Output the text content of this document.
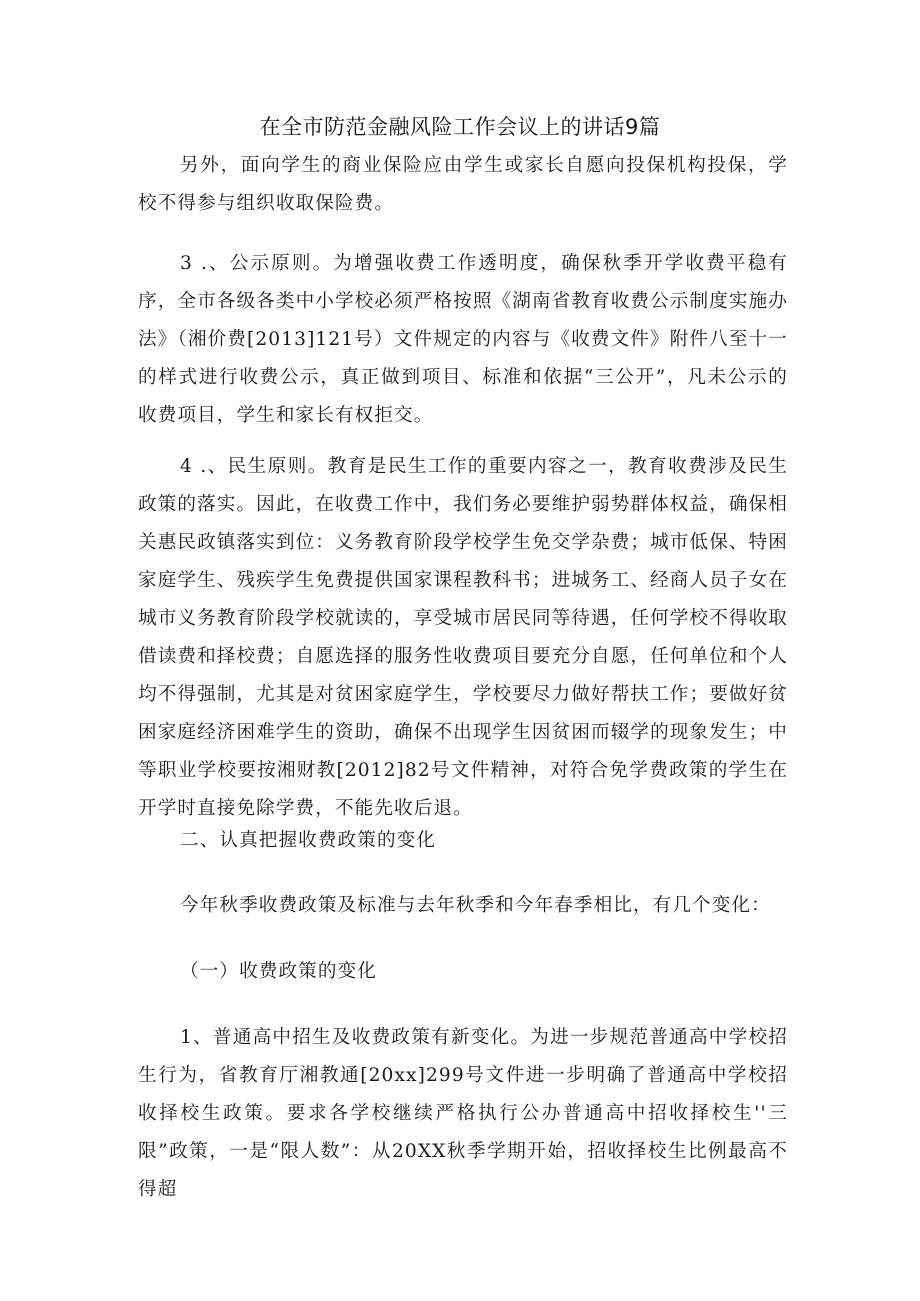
在全市防范金融风险工作会议上的讲话9篇

另外，面向学生的商业保险应由学生或家长自愿向投保机构投保，学校不得参与组织收取保险费。

3 .、公示原则。为增强收费工作透明度，确保秋季开学收费平稳有序，全市各级各类中小学校必须严格按照《湖南省教育收费公示制度实施办法》（湘价费[2013]121号）文件规定的内容与《收费文件》附件八至十一的样式进行收费公示，真正做到项目、标准和依据“三公开”，凡未公示的收费项目，学生和家长有权拒交。

4 .、民生原则。教育是民生工作的重要内容之一，教育收费涉及民生政策的落实。因此，在收费工作中，我们务必要维护弱势群体权益，确保相关惠民政镇落实到位：义务教育阶段学校学生免交学杂费；城市低保、特困家庭学生、残疾学生免费提供国家课程教科书；进城务工、经商人员子女在城市义务教育阶段学校就读的，享受城市居民同等待遇，任何学校不得收取借读费和择校费；自愿选择的服务性收费项目要充分自愿，任何单位和个人均不得强制，尤其是对贫困家庭学生，学校要尽力做好帮扶工作；要做好贫困家庭经济困难学生的资助，确保不出现学生因贫困而辍学的现象发生；中等职业学校要按湘财教[2012]82号文件精神，对符合免学费政策的学生在开学时直接免除学费，不能先收后退。

二、认真把握收费政策的变化

今年秋季收费政策及标准与去年秋季和今年春季相比，有几个变化：

（一）收费政策的变化

1、普通高中招生及收费政策有新变化。为进一步规范普通高中学校招生行为，省教育厅湘教通[20xx]299号文件进一步明确了普通高中学校招收择校生政策。要求各学校继续严格执行公办普通高中招收择校生''三限”政策，一是“限人数”：从20XX秋季学期开始，招收择校生比例最高不得超
